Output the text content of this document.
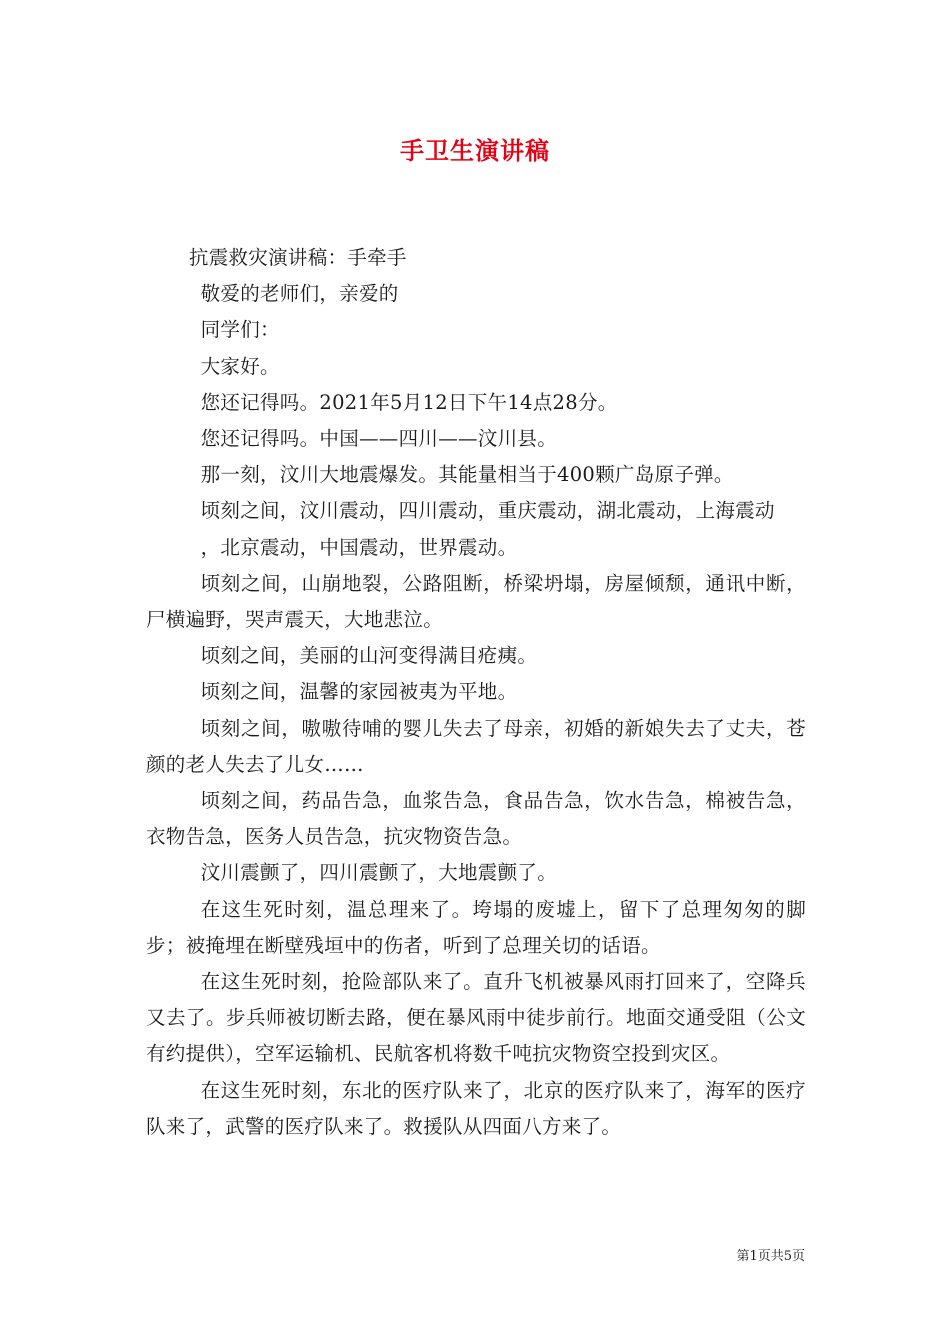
手卫生演讲稿

抗震救灾演讲稿：手牵手

敬爱的老师们，亲爱的

同学们：

大家好。

您还记得吗。2021年5月12日下午14点28分。

您还记得吗。中国——四川——汶川县。

那一刻，汶川大地震爆发。其能量相当于400颗广岛原子弹。

顷刻之间，汶川震动，四川震动，重庆震动，湖北震动，上海震动

，北京震动，中国震动，世界震动。

顷刻之间，山崩地裂，公路阻断，桥梁坍塌，房屋倾颓，通讯中断，尸横遍野，哭声震天，大地悲泣。

顷刻之间，美丽的山河变得满目疮痍。

顷刻之间，温馨的家园被夷为平地。

顷刻之间，嗷嗷待哺的婴儿失去了母亲，初婚的新娘失去了丈夫，苍颜的老人失去了儿女……

顷刻之间，药品告急，血浆告急，食品告急，饮水告急，棉被告急，衣物告急，医务人员告急，抗灾物资告急。

汶川震颤了，四川震颤了，大地震颤了。

在这生死时刻，温总理来了。垮塌的废墟上，留下了总理匆匆的脚步；被掩埋在断壁残垣中的伤者，听到了总理关切的话语。

在这生死时刻，抢险部队来了。直升飞机被暴风雨打回来了，空降兵又去了。步兵师被切断去路，便在暴风雨中徒步前行。地面交通受阻（公文有约提供），空军运输机、民航客机将数千吨抗灾物资空投到灾区。

在这生死时刻，东北的医疗队来了，北京的医疗队来了，海军的医疗队来了，武警的医疗队来了。救援队从四面八方来了。

第1页共5页
